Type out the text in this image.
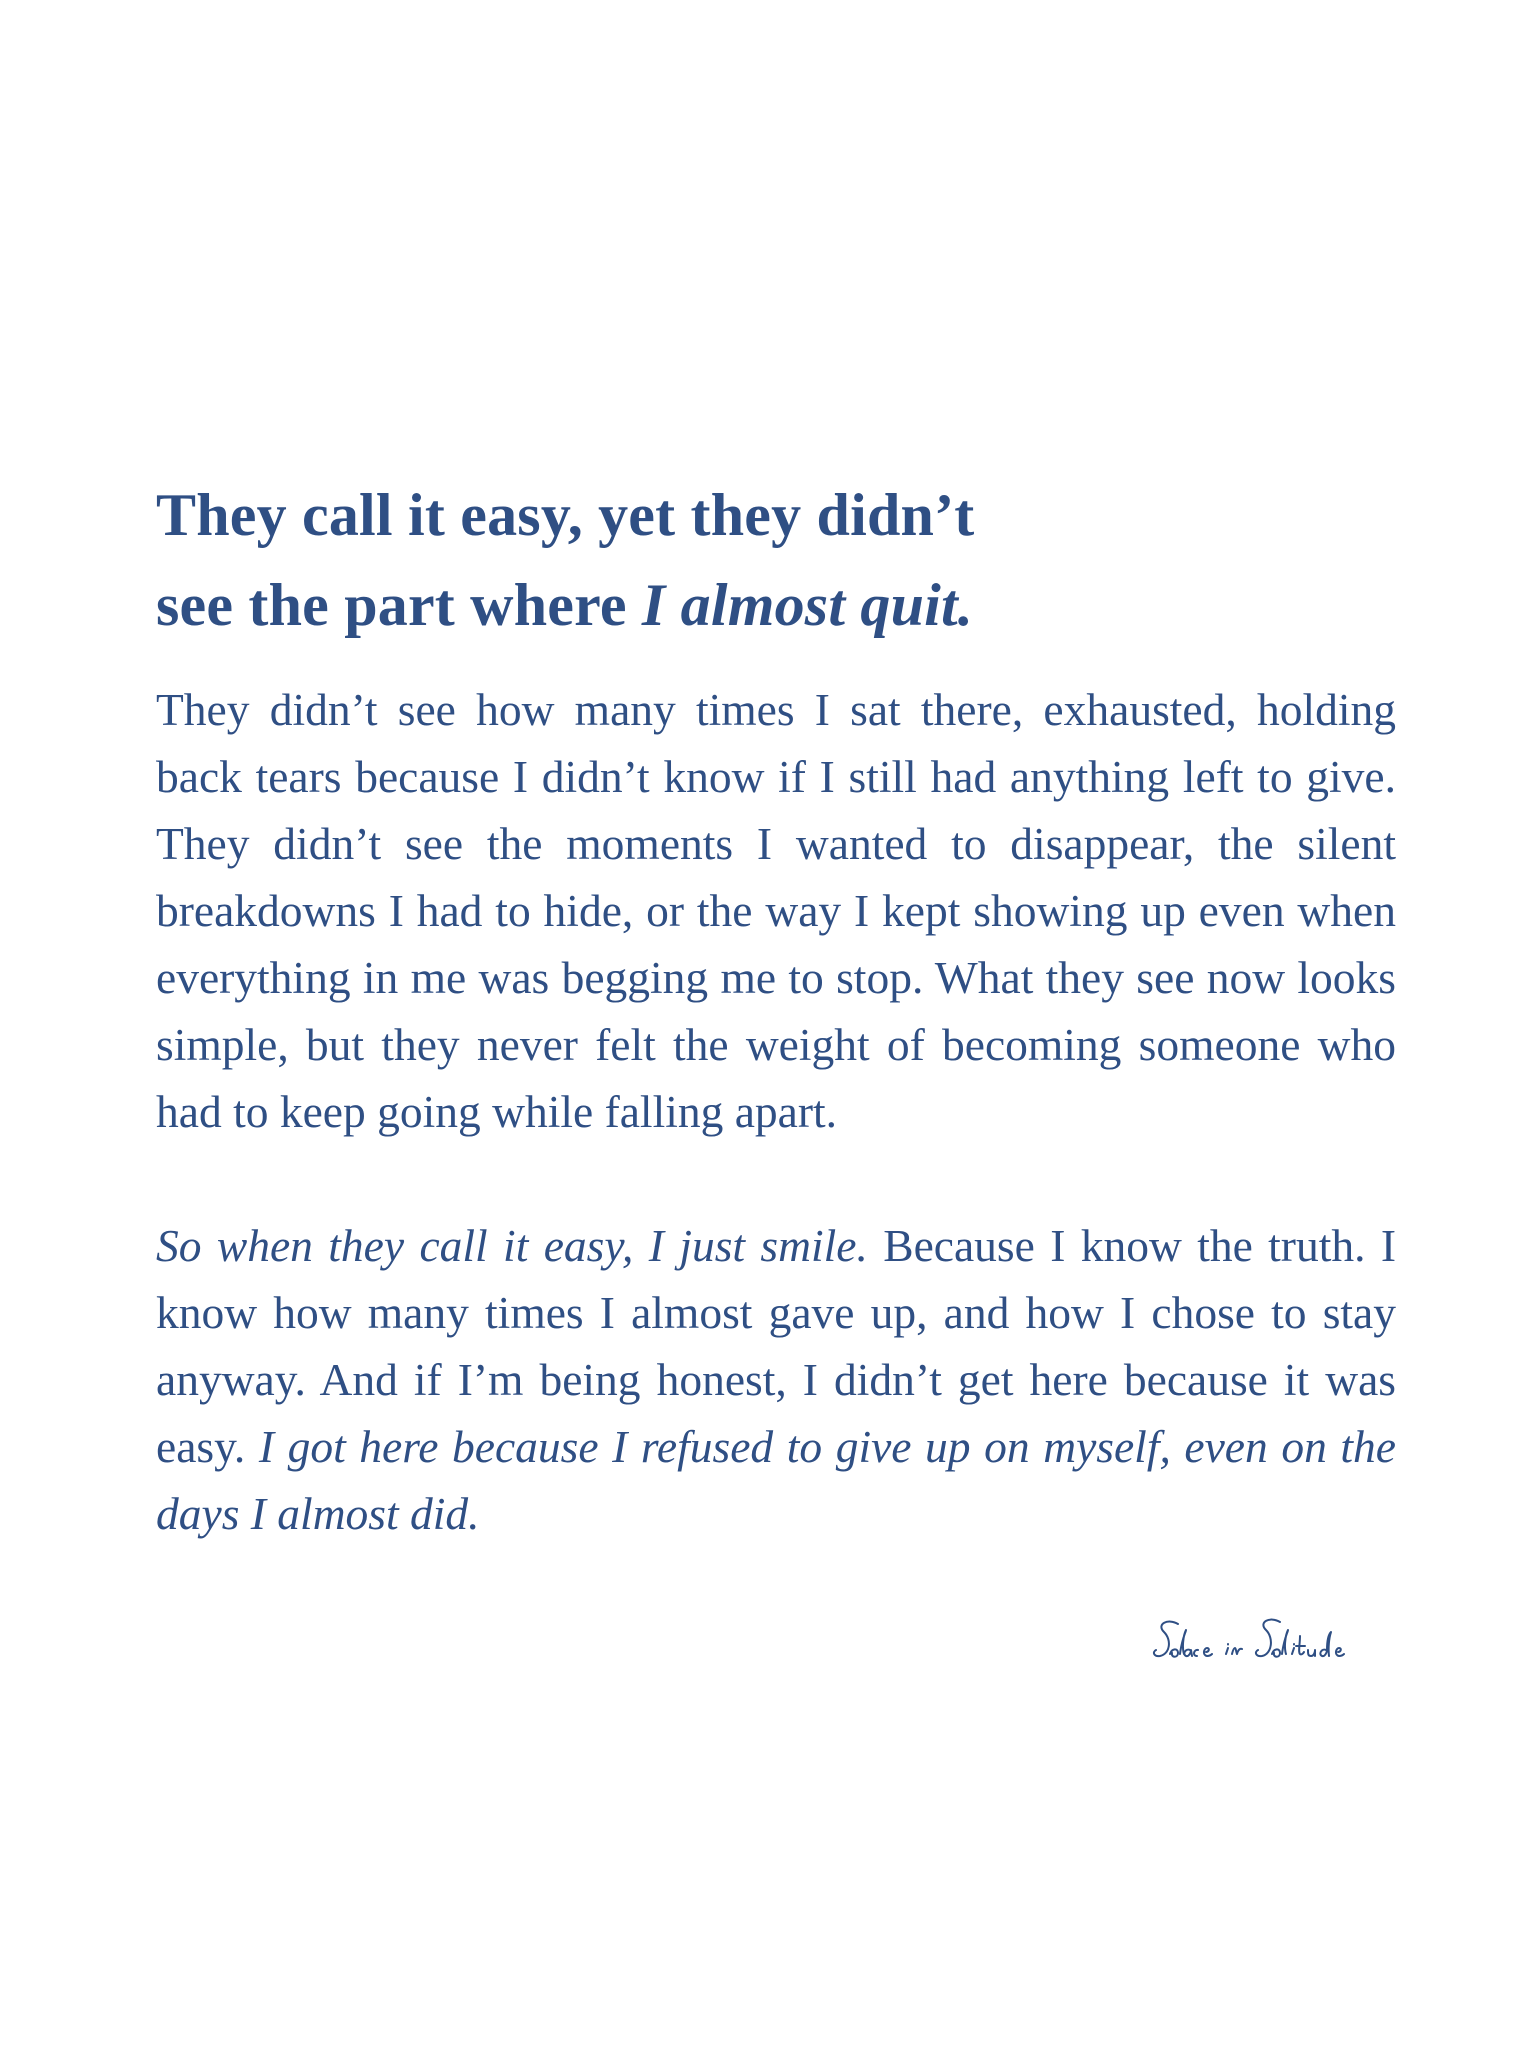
They call it easy, yet they didn’t
see the part where I almost quit.

They didn’t see how many times I sat there, exhausted, holding back tears because I didn’t know if I still had anything left to give. They didn’t see the moments I wanted to disappear, the silent breakdowns I had to hide, or the way I kept showing up even when everything in me was begging me to stop. What they see now looks simple, but they never felt the weight of becoming someone who had to keep going while falling apart.

So when they call it easy, I just smile. Because I know the truth. I know how many times I almost gave up, and how I chose to stay anyway. And if I’m being honest, I didn’t get here because it was easy. I got here because I refused to give up on myself, even on the days I almost did.
